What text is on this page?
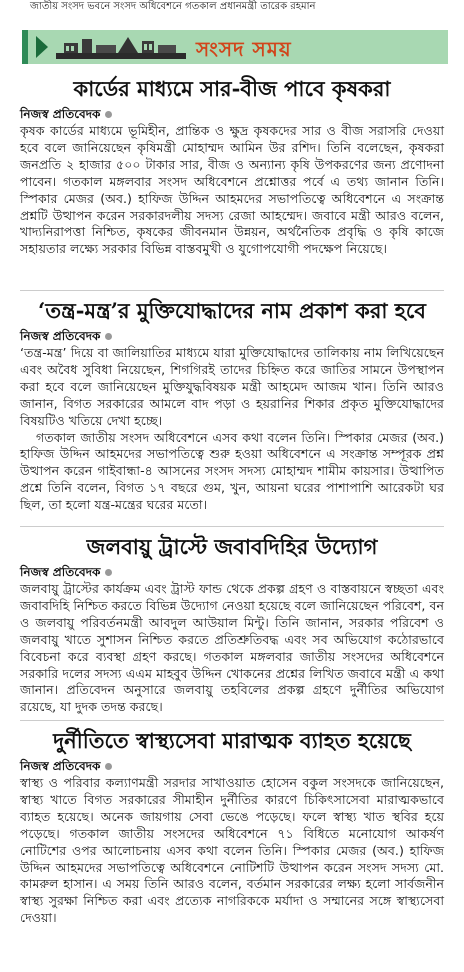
জাতীয় সংসদ ভবনে সংসদ অধিবেশনে গতকাল প্রধানমন্ত্রী তারেক রহমান
সংসদ সময়
কার্ডের মাধ্যমে সার-বীজ পাবে কৃষকরা
নিজস্ব প্রতিবেদক

কৃষক কার্ডের মাধ্যমে ভূমিহীন, প্রান্তিক ও ক্ষুদ্র কৃষকদের সার ও বীজ সরাসরি দেওয়া হবে বলে জানিয়েছেন কৃষিমন্ত্রী মোহাম্মদ আমিন উর রশিদ। তিনি বলেছেন, কৃষকরা জনপ্রতি ২ হাজার ৫০০ টাকার সার, বীজ ও অন্যান্য কৃষি উপকরণের জন্য প্রণোদনা পাবেন। গতকাল মঙ্গলবার সংসদ অধিবেশনে প্রশ্নোত্তর পর্বে এ তথ্য জানান তিনি। স্পিকার মেজর (অব.) হাফিজ উদ্দিন আহমদের সভাপতিত্বে অধিবেশনে এ সংক্রান্ত প্রশ্নটি উত্থাপন করেন সরকারদলীয় সদস্য রেজা আহম্মেদ। জবাবে মন্ত্রী আরও বলেন, খাদ্যনিরাপত্তা নিশ্চিত, কৃষকের জীবনমান উন্নয়ন, অর্থনৈতিক প্রবৃদ্ধি ও কৃষি কাজে সহায়তার লক্ষ্যে সরকার বিভিন্ন বাস্তবমুখী ও যুগোপযোগী পদক্ষেপ নিয়েছে।

‘তন্ত্র-মন্ত্র’র মুক্তিযোদ্ধাদের নাম প্রকাশ করা হবে
নিজস্ব প্রতিবেদক

‘তন্ত্র-মন্ত্র’ দিয়ে বা জালিয়াতির মাধ্যমে যারা মুক্তিযোদ্ধাদের তালিকায় নাম লিখিয়েছেন এবং অবৈধ সুবিধা নিয়েছেন, শিগগিরই তাদের চিহ্নিত করে জাতির সামনে উপস্থাপন করা হবে বলে জানিয়েছেন মুক্তিযুদ্ধবিষয়ক মন্ত্রী আহমেদ আজম খান। তিনি আরও জানান, বিগত সরকারের আমলে বাদ পড়া ও হয়রানির শিকার প্রকৃত মুক্তিযোদ্ধাদের বিষয়টিও খতিয়ে দেখা হচ্ছে।

গতকাল জাতীয় সংসদ অধিবেশনে এসব কথা বলেন তিনি। স্পিকার মেজর (অব.) হাফিজ উদ্দিন আহমদের সভাপতিত্বে শুরু হওয়া অধিবেশনে এ সংক্রান্ত সম্পূরক প্রশ্ন উত্থাপন করেন গাইবান্ধা-৪ আসনের সংসদ সদস্য মোহাম্মদ শামীম কায়সার। উত্থাপিত প্রশ্নে তিনি বলেন, বিগত ১৭ বছরে গুম, খুন, আয়না ঘরের পাশাপাশি আরেকটা ঘর ছিল, তা হলো যন্ত্র-মন্ত্রের ঘরের মতো।

জলবায়ু ট্রাস্টে জবাবদিহির উদ্যোগ
নিজস্ব প্রতিবেদক

জলবায়ু ট্রাস্টের কার্যক্রম এবং ট্রাস্ট ফান্ড থেকে প্রকল্প গ্রহণ ও বাস্তবায়নে স্বচ্ছতা এবং জবাবদিহি নিশ্চিত করতে বিভিন্ন উদ্যোগ নেওয়া হয়েছে বলে জানিয়েছেন পরিবেশ, বন ও জলবায়ু পরিবর্তনমন্ত্রী আবদুল আউয়াল মিন্টু। তিনি জানান, সরকার পরিবেশ ও জলবায়ু খাতে সুশাসন নিশ্চিত করতে প্রতিশ্রুতিবদ্ধ এবং সব অভিযোগ কঠোরভাবে বিবেচনা করে ব্যবস্থা গ্রহণ করছে। গতকাল মঙ্গলবার জাতীয় সংসদের অধিবেশনে সরকারি দলের সদস্য এএম মাহবুব উদ্দিন খোকনের প্রশ্নের লিখিত জবাবে মন্ত্রী এ কথা জানান। প্রতিবেদন অনুসারে জলবায়ু তহবিলের প্রকল্প গ্রহণে দুর্নীতির অভিযোগ রয়েছে, যা দুদক তদন্ত করছে।

দুর্নীতিতে স্বাস্থ্যসেবা মারাত্মক ব্যাহত হয়েছে
নিজস্ব প্রতিবেদক

স্বাস্থ্য ও পরিবার কল্যাণমন্ত্রী সরদার সাখাওয়াত হোসেন বকুল সংসদকে জানিয়েছেন, স্বাস্থ্য খাতে বিগত সরকারের সীমাহীন দুর্নীতির কারণে চিকিৎসাসেবা মারাত্মকভাবে ব্যাহত হয়েছে। অনেক জায়গায় সেবা ভেঙে পড়েছে। ফলে স্বাস্থ্য খাত স্থবির হয়ে পড়েছে। গতকাল জাতীয় সংসদের অধিবেশনে ৭১ বিধিতে মনোযোগ আকর্ষণ নোটিশের ওপর আলোচনায় এসব কথা বলেন তিনি। স্পিকার মেজর (অব.) হাফিজ উদ্দিন আহমদের সভাপতিত্বে অধিবেশনে নোটিশটি উত্থাপন করেন সংসদ সদস্য মো. কামরুল হাসান। এ সময় তিনি আরও বলেন, বর্তমান সরকারের লক্ষ্য হলো সার্বজনীন স্বাস্থ্য সুরক্ষা নিশ্চিত করা এবং প্রত্যেক নাগরিককে মর্যাদা ও সম্মানের সঙ্গে স্বাস্থ্যসেবা দেওয়া।
